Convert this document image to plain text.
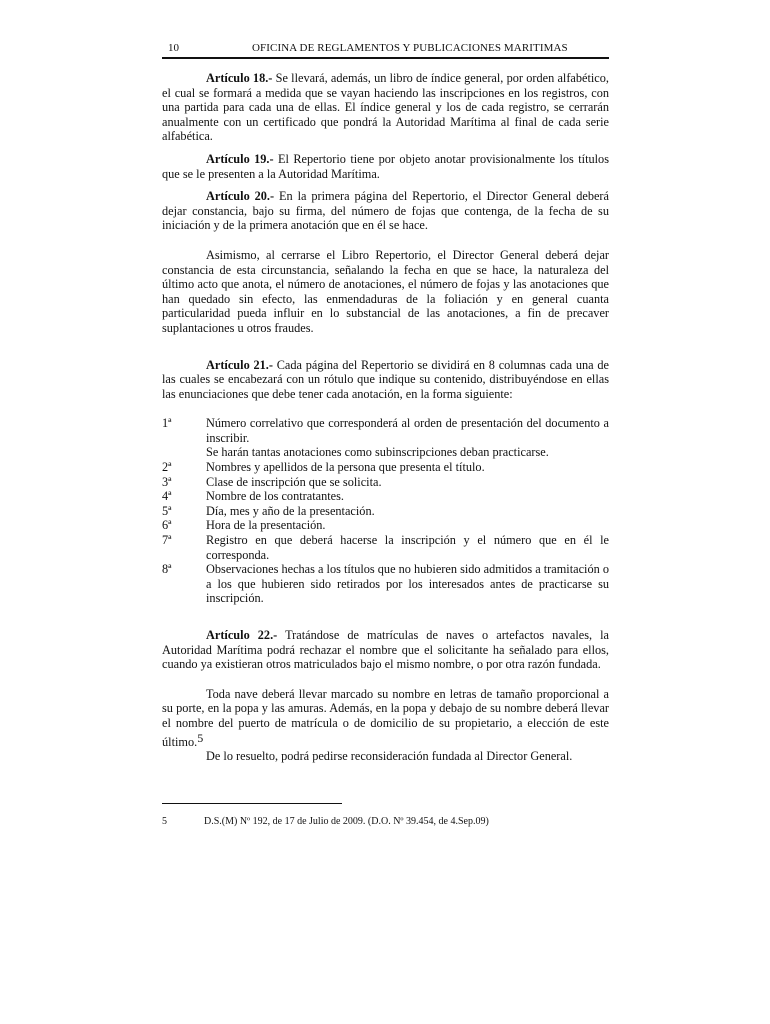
10	OFICINA DE REGLAMENTOS Y PUBLICACIONES MARITIMAS

Artículo 18.- Se llevará, además, un libro de índice general, por orden alfabético, el cual se formará a medida que se vayan haciendo las inscripciones en los registros, con una partida para cada una de ellas. El índice general y los de cada registro, se cerrarán anualmente con un certificado que pondrá la Autoridad Marítima al final de cada serie alfabética.

Artículo 19.- El Repertorio tiene por objeto anotar provisionalmente los títulos que se le presenten a la Autoridad Marítima.

Artículo 20.- En la primera página del Repertorio, el Director General deberá dejar constancia, bajo su firma, del número de fojas que contenga, de la fecha de su iniciación y de la primera anotación que en él se hace.

Asimismo, al cerrarse el Libro Repertorio, el Director General deberá dejar constancia de esta circunstancia, señalando la fecha en que se hace, la naturaleza del último acto que anota, el número de anotaciones, el número de fojas y las anotaciones que han quedado sin efecto, las enmendaduras de la foliación y en general cuanta particularidad pueda influir en lo substancial de las anotaciones, a fin de precaver suplantaciones u otros fraudes.

Artículo 21.- Cada página del Repertorio se dividirá en 8 columnas cada una de las cuales se encabezará con un rótulo que indique su contenido, distribuyéndose en ellas las enunciaciones que debe tener cada anotación, en la forma siguiente:

1ª	Número correlativo que corresponderá al orden de presentación del documento a inscribir.
Se harán tantas anotaciones como subinscripciones deban practicarse.
2ª	Nombres y apellidos de la persona que presenta el título.
3ª	Clase de inscripción que se solicita.
4ª	Nombre de los contratantes.
5ª	Día, mes y año de la presentación.
6ª	Hora de la presentación.
7ª	Registro en que deberá hacerse la inscripción y el número que en él le corresponda.
8ª	Observaciones hechas a los títulos que no hubieren sido admitidos a tramitación o a los que hubieren sido retirados por los interesados antes de practicarse su inscripción.

Artículo 22.- Tratándose de matrículas de naves o artefactos navales, la Autoridad Marítima podrá rechazar el nombre que el solicitante ha señalado para ellos, cuando ya existieran otros matriculados bajo el mismo nombre, o por otra razón fundada.

Toda nave deberá llevar marcado su nombre en letras de tamaño proporcional a su porte, en la popa y las amuras. Además, en la popa y debajo de su nombre deberá llevar el nombre del puerto de matrícula o de domicilio de su propietario, a elección de este último.5

De lo resuelto, podrá pedirse reconsideración fundada al Director General.

5	D.S.(M) Nº 192, de 17 de Julio de 2009. (D.O. Nº 39.454, de 4.Sep.09)
